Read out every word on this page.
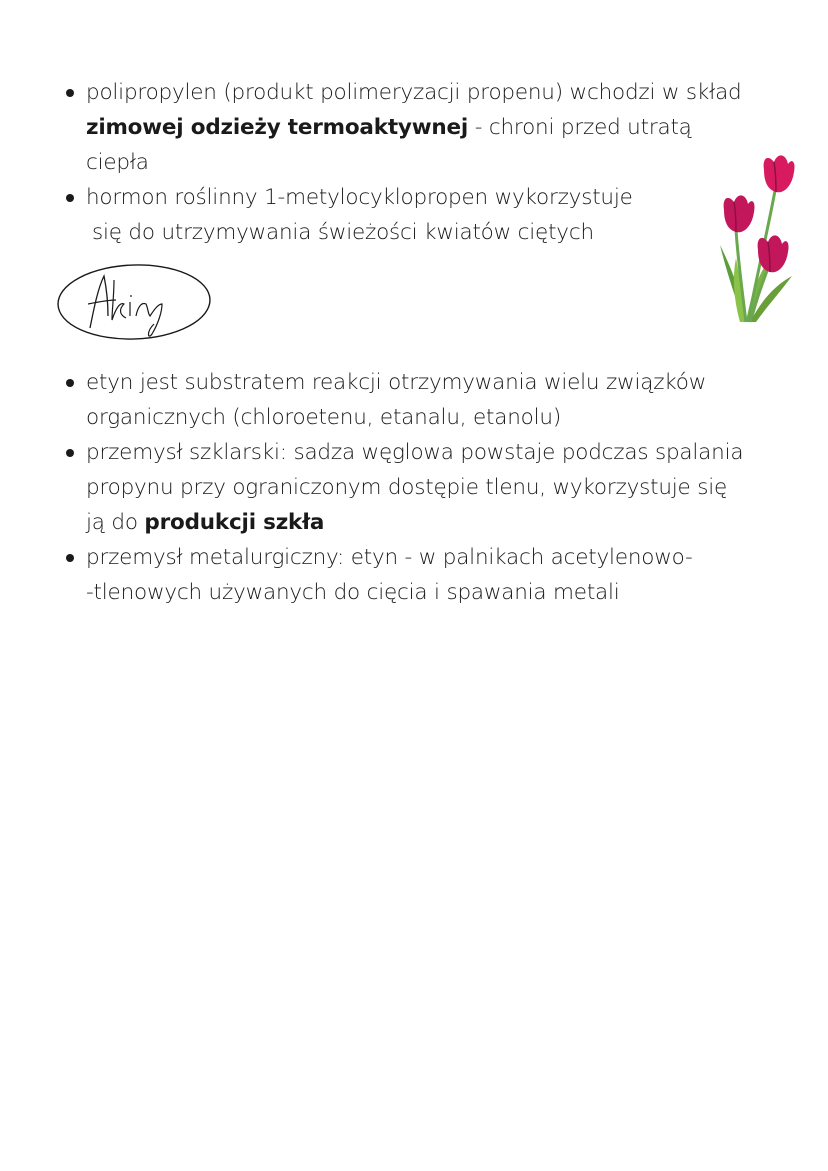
polipropylen (produkt polimeryzacji propenu) wchodzi w skład zimowej odzieży termoaktywnej - chroni przed utratą ciepła
hormon roślinny 1-metylocyklopropen wykorzystuje
się do utrzymywania świeżości kwiatów ciętych
etyn jest substratem reakcji otrzymywania wielu związków organicznych (chloroetenu, etanalu, etanolu)
przemysł szklarski: sadza węglowa powstaje podczas spalania propynu przy ograniczonym dostępie tlenu, wykorzystuje się ją do produkcji szkła
przemysł metalurgiczny: etyn - w palnikach acetylenowo-
-tlenowych używanych do cięcia i spawania metali
